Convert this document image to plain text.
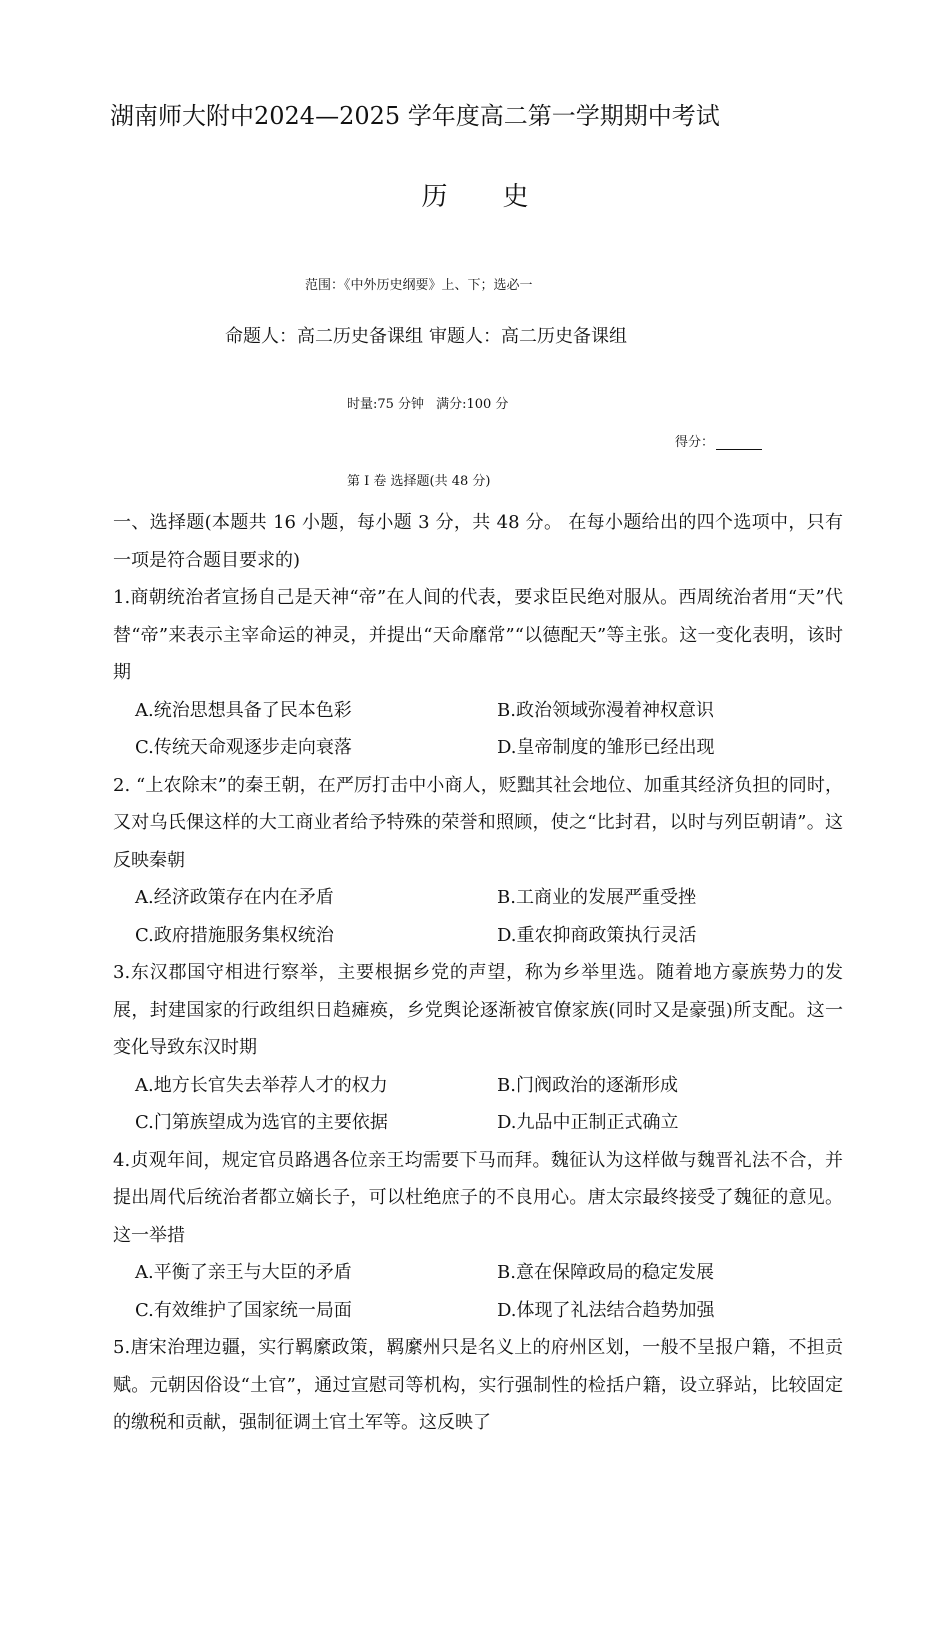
湖南师大附中2024—2025 学年度高二第一学期期中考试
历 史
范围：《中外历史纲要》上、下；选必一
命题人：高二历史备课组 审题人：高二历史备课组
时量:75 分钟 满分:100 分
得分：
第 I 卷 选择题(共 48 分)

一、选择题(本题共 16 小题，每小题 3 分，共 48 分。 在每小题给出的四个选项中，只有一项是符合题目要求的)

1.商朝统治者宣扬自己是天神“帝”在人间的代表，要求臣民绝对服从。西周统治者用“天”代替“帝”来表示主宰命运的神灵，并提出“天命靡常”“以德配天”等主张。这一变化表明，该时期

A.统治思想具备了民本色彩	B.政治领域弥漫着神权意识
C.传统天命观逐步走向衰落	D.皇帝制度的雏形已经出现

2. “上农除末”的秦王朝，在严厉打击中小商人，贬黜其社会地位、加重其经济负担的同时，又对乌氏倮这样的大工商业者给予特殊的荣誉和照顾，使之“比封君，以时与列臣朝请”。这反映秦朝

A.经济政策存在内在矛盾	B.工商业的发展严重受挫
C.政府措施服务集权统治	D.重农抑商政策执行灵活

3.东汉郡国守相进行察举，主要根据乡党的声望，称为乡举里选。随着地方豪族势力的发展，封建国家的行政组织日趋瘫痪，乡党舆论逐渐被官僚家族(同时又是豪强)所支配。这一变化导致东汉时期

A.地方长官失去举荐人才的权力	B.门阀政治的逐渐形成
C.门第族望成为选官的主要依据	D.九品中正制正式确立

4.贞观年间，规定官员路遇各位亲王均需要下马而拜。魏征认为这样做与魏晋礼法不合，并提出周代后统治者都立嫡长子，可以杜绝庶子的不良用心。唐太宗最终接受了魏征的意见。这一举措

A.平衡了亲王与大臣的矛盾	B.意在保障政局的稳定发展
C.有效维护了国家统一局面	D.体现了礼法结合趋势加强

5.唐宋治理边疆，实行羁縻政策，羁縻州只是名义上的府州区划，一般不呈报户籍，不担贡赋。元朝因俗设“土官”，通过宣慰司等机构，实行强制性的检括户籍，设立驿站，比较固定的缴税和贡献，强制征调土官土军等。这反映了
